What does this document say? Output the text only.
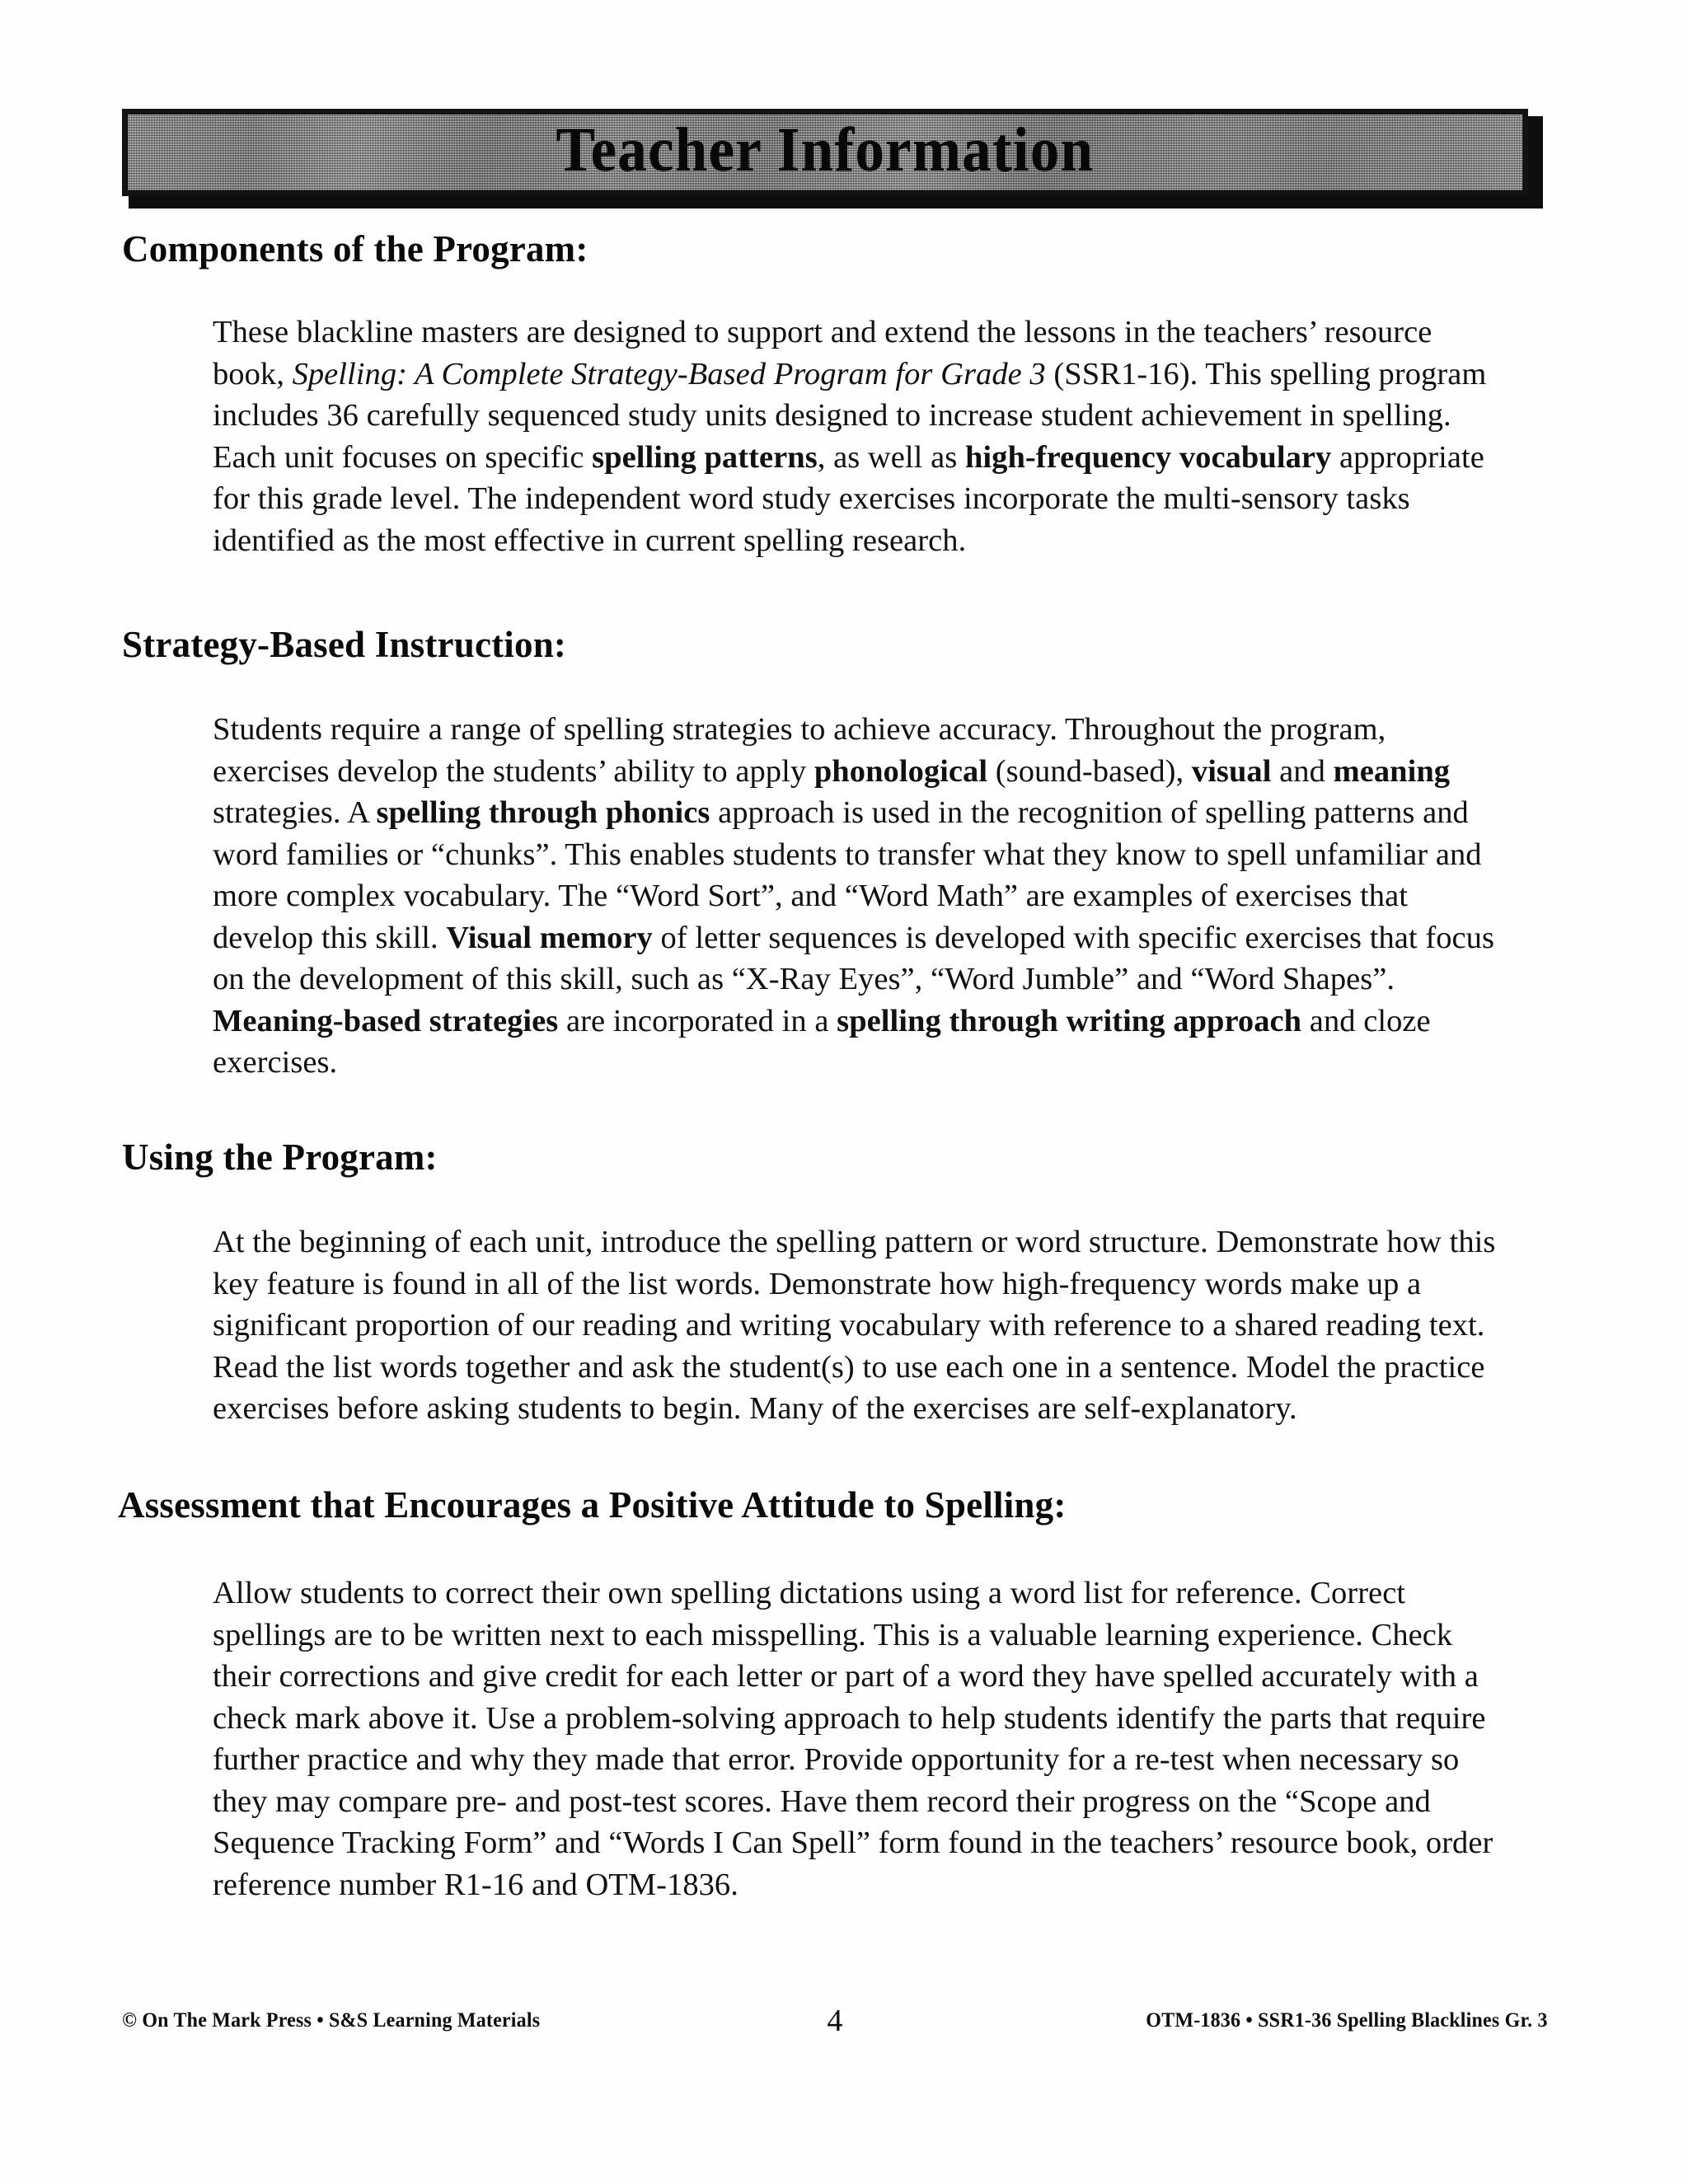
Teacher Information
Components of the Program:
These blackline masters are designed to support and extend the lessons in the teachers’ resource book, Spelling: A Complete Strategy-Based Program for Grade 3 (SSR1-16). This spelling program includes 36 carefully sequenced study units designed to increase student achievement in spelling. Each unit focuses on specific spelling patterns, as well as high-frequency vocabulary appropriate for this grade level. The independent word study exercises incorporate the multi-sensory tasks identified as the most effective in current spelling research.
Strategy-Based Instruction:
Students require a range of spelling strategies to achieve accuracy. Throughout the program, exercises develop the students’ ability to apply phonological (sound-based), visual and meaning strategies. A spelling through phonics approach is used in the recognition of spelling patterns and word families or “chunks”. This enables students to transfer what they know to spell unfamiliar and more complex vocabulary. The “Word Sort”, and “Word Math” are examples of exercises that develop this skill. Visual memory of letter sequences is developed with specific exercises that focus on the development of this skill, such as “X-Ray Eyes”, “Word Jumble” and “Word Shapes”. Meaning-based strategies are incorporated in a spelling through writing approach and cloze exercises.
Using the Program:
At the beginning of each unit, introduce the spelling pattern or word structure. Demonstrate how this key feature is found in all of the list words. Demonstrate how high-frequency words make up a significant proportion of our reading and writing vocabulary with reference to a shared reading text. Read the list words together and ask the student(s) to use each one in a sentence. Model the practice exercises before asking students to begin. Many of the exercises are self-explanatory.
Assessment that Encourages a Positive Attitude to Spelling:
Allow students to correct their own spelling dictations using a word list for reference. Correct spellings are to be written next to each misspelling. This is a valuable learning experience. Check their corrections and give credit for each letter or part of a word they have spelled accurately with a check mark above it. Use a problem-solving approach to help students identify the parts that require further practice and why they made that error. Provide opportunity for a re-test when necessary so they may compare pre- and post-test scores. Have them record their progress on the “Scope and Sequence Tracking Form” and “Words I Can Spell” form found in the teachers’ resource book, order reference number R1-16 and OTM-1836.
© On The Mark Press • S&S Learning Materials	4	OTM-1836 • SSR1-36 Spelling Blacklines Gr. 3
